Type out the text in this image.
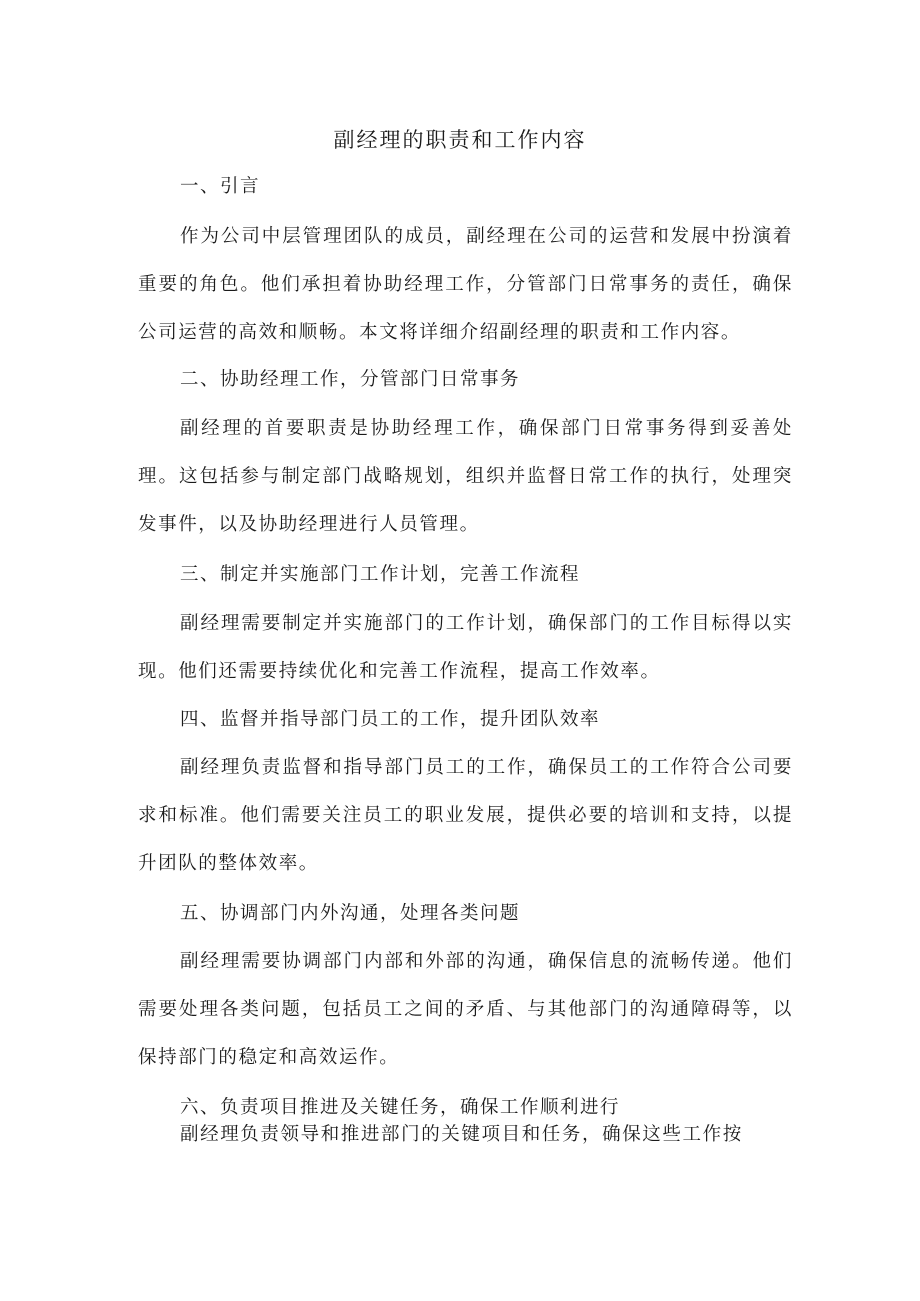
副经理的职责和工作内容
一、引言

作为公司中层管理团队的成员，副经理在公司的运营和发展中扮演着重要的角色。他们承担着协助经理工作，分管部门日常事务的责任，确保公司运营的高效和顺畅。本文将详细介绍副经理的职责和工作内容。

二、协助经理工作，分管部门日常事务

副经理的首要职责是协助经理工作，确保部门日常事务得到妥善处理。这包括参与制定部门战略规划，组织并监督日常工作的执行，处理突发事件，以及协助经理进行人员管理。

三、制定并实施部门工作计划，完善工作流程

副经理需要制定并实施部门的工作计划，确保部门的工作目标得以实现。他们还需要持续优化和完善工作流程，提高工作效率。

四、监督并指导部门员工的工作，提升团队效率

副经理负责监督和指导部门员工的工作，确保员工的工作符合公司要求和标准。他们需要关注员工的职业发展，提供必要的培训和支持，以提升团队的整体效率。

五、协调部门内外沟通，处理各类问题

副经理需要协调部门内部和外部的沟通，确保信息的流畅传递。他们需要处理各类问题，包括员工之间的矛盾、与其他部门的沟通障碍等，以保持部门的稳定和高效运作。

六、负责项目推进及关键任务，确保工作顺利进行

副经理负责领导和推进部门的关键项目和任务，确保这些工作按
